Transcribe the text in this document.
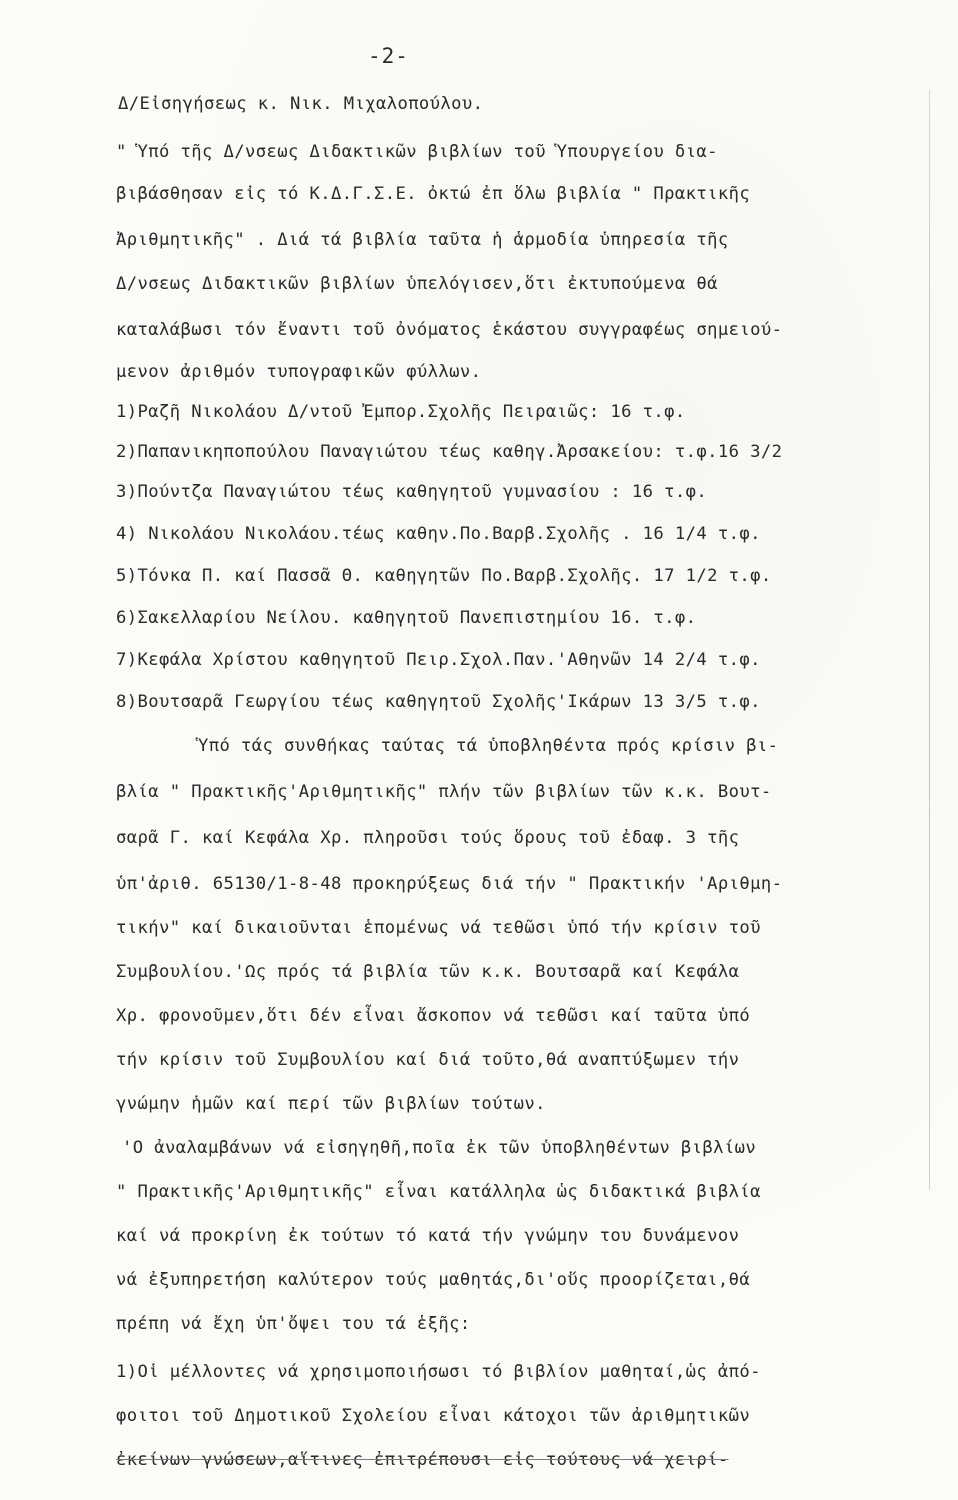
-2-
Δ/Εἰσηγήσεως κ. Νικ. Μιχαλοπούλου.
" Ὑπό τῆς Δ/νσεως Διδακτικῶν βιβλίων τοῦ Ὑπουργείου δια-
βιβάσθησαν εἰς τό Κ.Δ.Γ.Σ.Ε. ὀκτώ ἐπ ὅλω βιβλία " Πρακτικῆς
Ἀριθμητικῆς" . Διά τά βιβλία ταῦτα ἡ ἁρμοδία ὑπηρεσία τῆς
Δ/νσεως Διδακτικῶν βιβλίων ὑπελόγισεν,ὅτι ἐκτυπούμενα θά
καταλάβωσι τόν ἔναντι τοῦ ὀνόματος ἑκάστου συγγραφέως σημειού-
μενον ἀριθμόν τυπογραφικῶν φύλλων.
1)Ραζῆ Νικολάου Δ/ντοῦ Ἐμπορ.Σχολῆς Πειραιῶς: 16 τ.φ.
2)Παπανικηποπούλου Παναγιώτου τέως καθηγ.Ἀρσακείου: τ.φ.16 3/2
3)Πούντζα Παναγιώτου τέως καθηγητοῦ γυμνασίου : 16 τ.φ.
4) Νικολάου Νικολάου.τέως καθην.Πο.Βαρβ.Σχολῆς . 16 1/4 τ.φ.
5)Τόνκα Π. καί Πασσᾶ Θ. καθηγητῶν Πο.Βαρβ.Σχολῆς. 17 1/2 τ.φ.
6)Σακελλαρίου Νείλου. καθηγητοῦ Πανεπιστημίου 16. τ.φ.
7)Κεφάλα Χρίστου καθηγητοῦ Πειρ.Σχολ.Παν.'Αθηνῶν 14 2/4 τ.φ.
8)Βουτσαρᾶ Γεωργίου τέως καθηγητοῦ Σχολῆς'Ικάρων 13 3/5 τ.φ.
Ὑπό τάς συνθήκας ταύτας τά ὑποβληθέντα πρός κρίσιν βι-
βλία " Πρακτικῆς'Αριθμητικῆς" πλήν τῶν βιβλίων τῶν κ.κ. Βουτ-
σαρᾶ Γ. καί Κεφάλα Χρ. πληροῦσι τούς ὅρους τοῦ ἐδαφ. 3 τῆς
ὑπ'ἀριθ. 65130/1-8-48 προκηρύξεως διά τήν " Πρακτικήν 'Αριθμη-
τικήν" καί δικαιοῦνται ἑπομένως νά τεθῶσι ὑπό τήν κρίσιν τοῦ
Συμβουλίου.'Ως πρός τά βιβλία τῶν κ.κ. Βουτσαρᾶ καί Κεφάλα
Χρ. φρονοῦμεν,ὅτι δέν εἶναι ἄσκοπον νά τεθῶσι καί ταῦτα ὑπό
τήν κρίσιν τοῦ Συμβουλίου καί διά τοῦτο,θά αναπτύξωμεν τήν
γνώμην ἡμῶν καί περί τῶν βιβλίων τούτων.
'Ο ἀναλαμβάνων νά εἰσηγηθῆ,ποῖα ἐκ τῶν ὑποβληθέντων βιβλίων
" Πρακτικῆς'Αριθμητικῆς" εἶναι κατάλληλα ὡς διδακτικά βιβλία
καί νά προκρίνη ἐκ τούτων τό κατά τήν γνώμην του δυνάμενον
νά ἐξυπηρετήση καλύτερον τούς μαθητάς,δι'οὕς προορίζεται,θά
πρέπη νά ἔχη ὑπ'ὄψει του τά ἑξῆς:
1)Οἱ μέλλοντες νά χρησιμοποιήσωσι τό βιβλίον μαθηταί,ὡς ἀπό-
φοιτοι τοῦ Δημοτικοῦ Σχολείου εἶναι κάτοχοι τῶν ἀριθμητικῶν
ἐκείνων γνώσεων,αἵτινες ἐπιτρέπουσι εἰς τούτους νά χειρί-
